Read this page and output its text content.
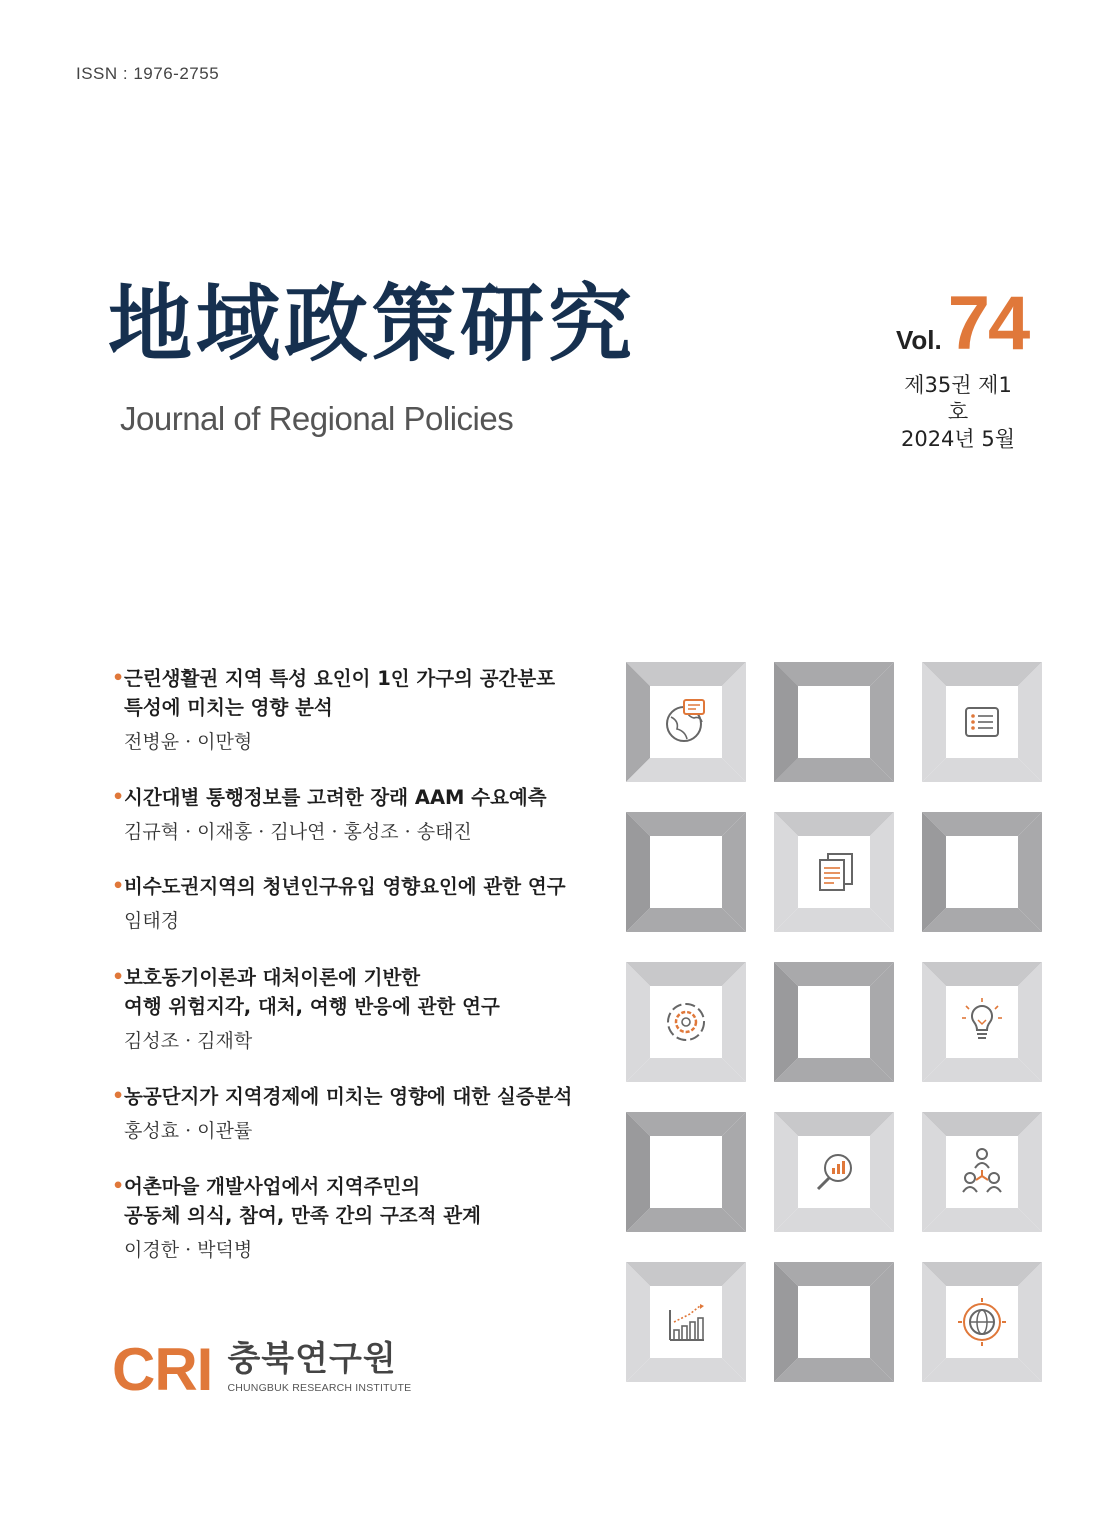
ISSN : 1976-2755
地域政策研究
Journal of Regional Policies
Vol.74
제35권 제1호
2024년 5월
• 근린생활권 지역 특성 요인이 1인 가구의 공간분포
특성에 미치는 영향 분석
전병윤 · 이만형
• 시간대별 통행정보를 고려한 장래 AAM 수요예측
김규혁 · 이재홍 · 김나연 · 홍성조 · 송태진
• 비수도권지역의 청년인구유입 영향요인에 관한 연구
임태경
• 보호동기이론과 대처이론에 기반한
여행 위험지각, 대처, 여행 반응에 관한 연구
김성조 · 김재학
• 농공단지가 지역경제에 미치는 영향에 대한 실증분석
홍성효 · 이관률
• 어촌마을 개발사업에서 지역주민의
공동체 의식, 참여, 만족 간의 구조적 관계
이경한 · 박덕병
CRI 충북연구원
CHUNGBUK RESEARCH INSTITUTE
